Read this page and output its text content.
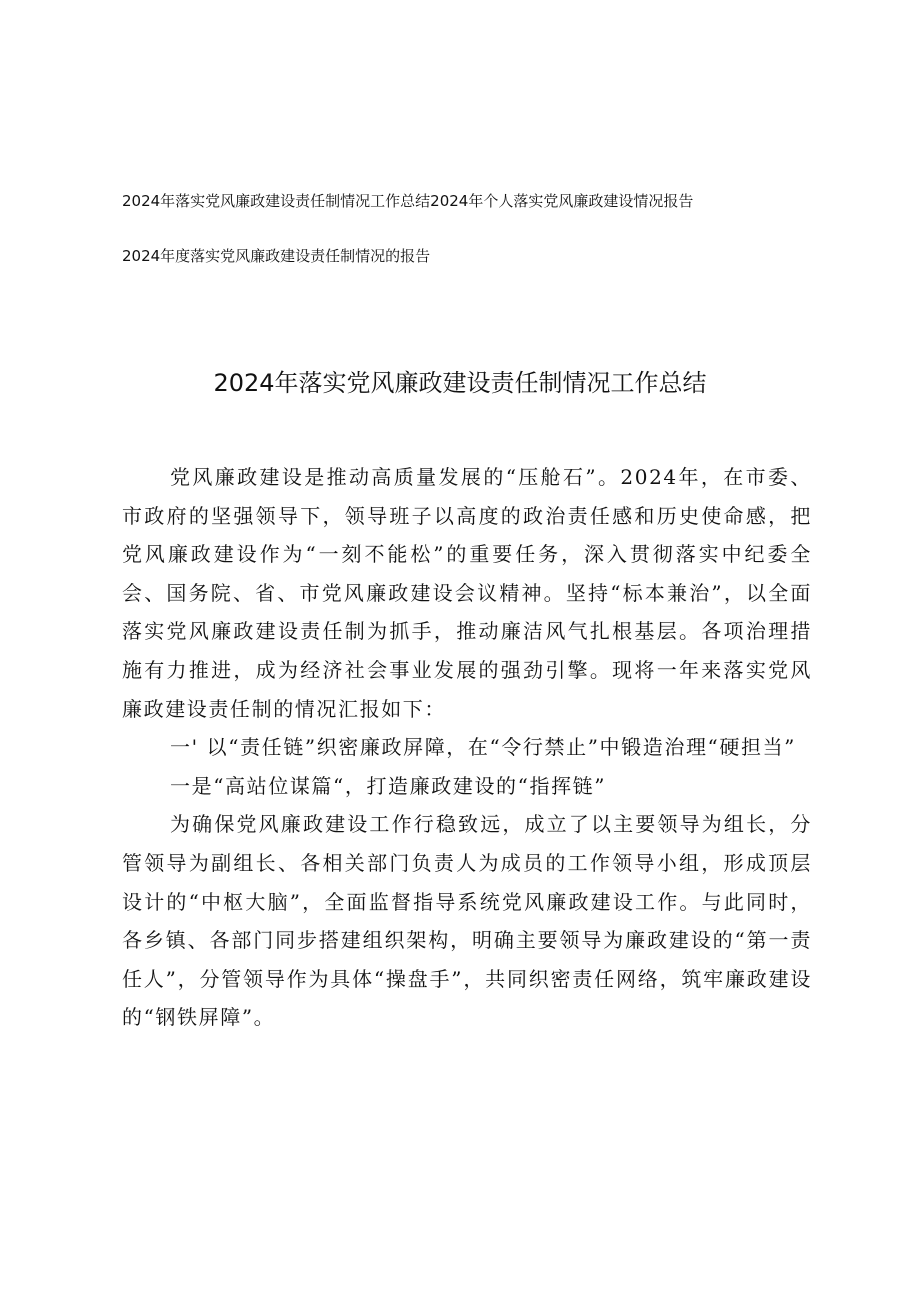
2024年落实党风廉政建设责任制情况工作总结2024年个人落实党风廉政建设情况报告
2024年度落实党风廉政建设责任制情况的报告
2024年落实党风廉政建设责任制情况工作总结

党风廉政建设是推动高质量发展的“压舱石”。2024年，在市委、市政府的坚强领导下，领导班子以高度的政治责任感和历史使命感，把党风廉政建设作为“一刻不能松”的重要任务，深入贯彻落实中纪委全会、国务院、省、市党风廉政建设会议精神。坚持“标本兼治”，以全面落实党风廉政建设责任制为抓手，推动廉洁风气扎根基层。各项治理措施有力推进，成为经济社会事业发展的强劲引擎。现将一年来落实党风廉政建设责任制的情况汇报如下：

一' 以“责任链”织密廉政屏障，在“令行禁止”中锻造治理“硬担当”

一是“高站位谋篇“，打造廉政建设的“指挥链”

为确保党风廉政建设工作行稳致远，成立了以主要领导为组长，分管领导为副组长、各相关部门负责人为成员的工作领导小组，形成顶层设计的“中枢大脑”，全面监督指导系统党风廉政建设工作。与此同时，各乡镇、各部门同步搭建组织架构，明确主要领导为廉政建设的“第一责任人”，分管领导作为具体“操盘手”，共同织密责任网络，筑牢廉政建设的“钢铁屏障”。
